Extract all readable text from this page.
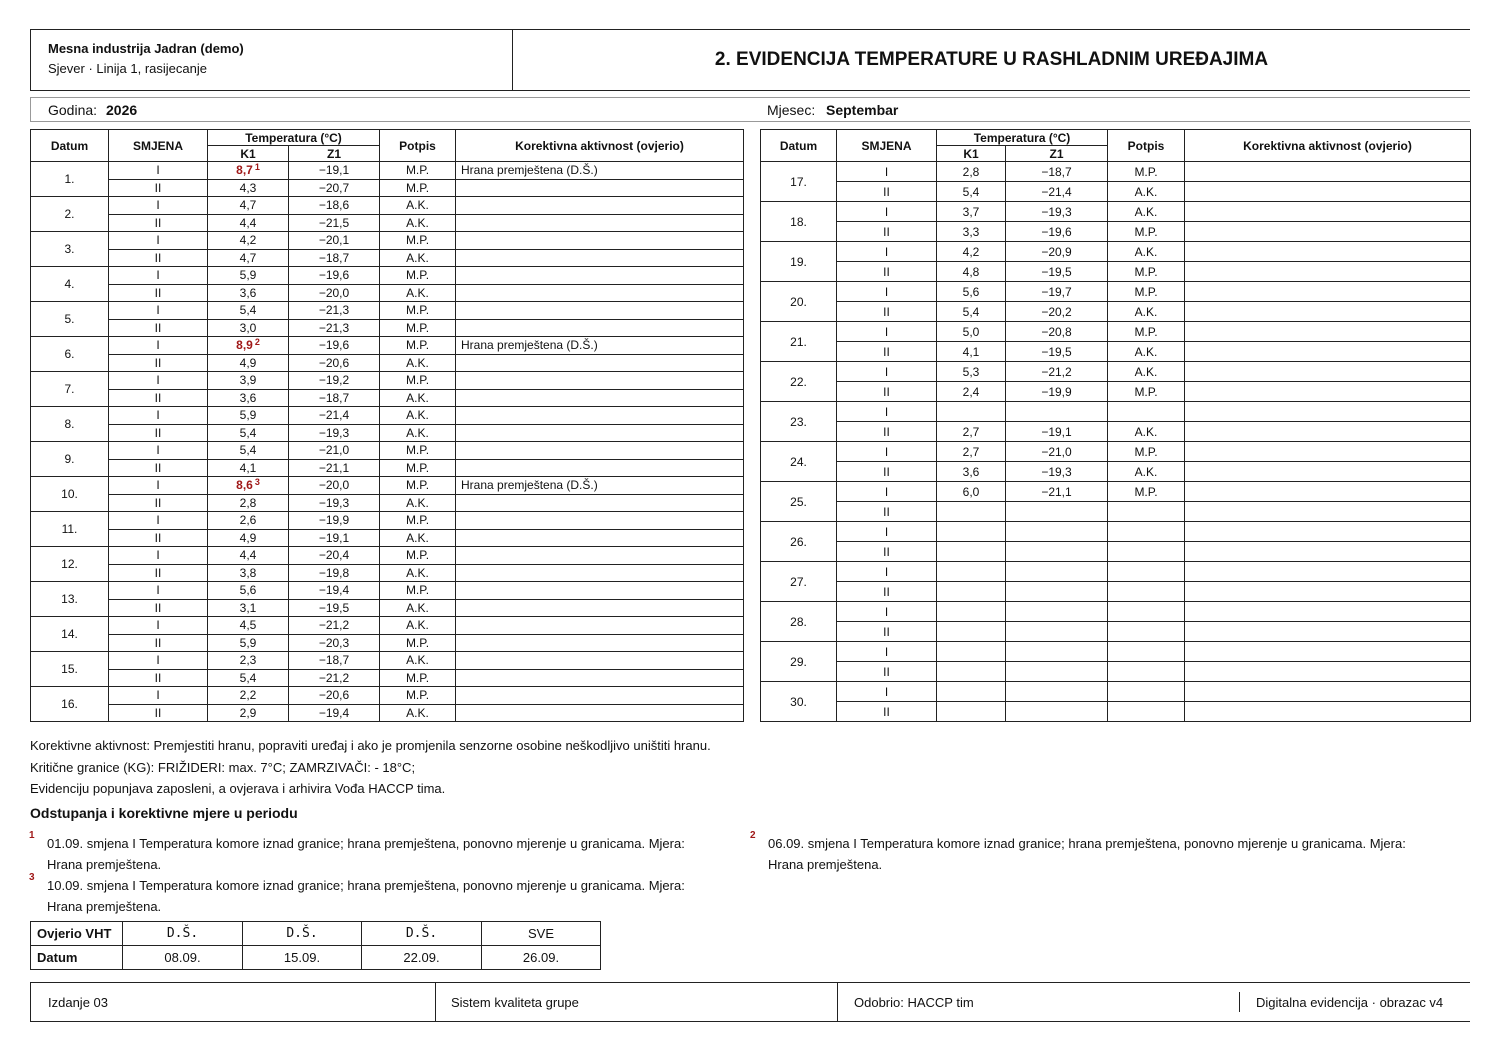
Mesna industrija Jadran (demo)
Sjever · Linija 1, rasijecanje	2. EVIDENCIJA TEMPERATURE U RASHLADNIM UREĐAJIMA
Godina: 2026	Mjesec: Septembar
Datum	SMJENA	Temperatura (°C)		Potpis	Korektivna aktivnost (ovjerio)
		K1	Z1		
1.	I	8,7 $^1$	−19,1	M.P.	Hrana premještena (D.Š.)
	II	4,3	−20,7	M.P.	
2.	I	4,7	−18,6	A.K.	
	II	4,4	−21,5	A.K.	
3.	I	4,2	−20,1	M.P.	
	II	4,7	−18,7	A.K.	
4.	I	5,9	−19,6	M.P.	
	II	3,6	−20,0	A.K.	
5.	I	5,4	−21,3	M.P.	
	II	3,0	−21,3	M.P.	
6.	I	8,9 $^2$	−19,6	M.P.	Hrana premještena (D.Š.)
	II	4,9	−20,6	A.K.	
7.	I	3,9	−19,2	M.P.	
	II	3,6	−18,7	A.K.	
8.	I	5,9	−21,4	A.K.	
	II	5,4	−19,3	A.K.	
9.	I	5,4	−21,0	M.P.	
	II	4,1	−21,1	M.P.	
10.	I	8,6 $^3$	−20,0	M.P.	Hrana premještena (D.Š.)
	II	2,8	−19,3	A.K.	
11.	I	2,6	−19,9	M.P.	
	II	4,9	−19,1	A.K.	
12.	I	4,4	−20,4	M.P.	
	II	3,8	−19,8	A.K.	
13.	I	5,6	−19,4	M.P.	
	II	3,1	−19,5	A.K.	
14.	I	4,5	−21,2	A.K.	
	II	5,9	−20,3	M.P.	
15.	I	2,3	−18,7	A.K.	
	II	5,4	−21,2	M.P.	
16.	I	2,2	−20,6	M.P.	
	II	2,9	−19,4	A.K.	
Datum	SMJENA	Temperatura (°C)		Potpis	Korektivna aktivnost (ovjerio)
		K1	Z1		
17.	I	2,8	−18,7	M.P.	
	II	5,4	−21,4	A.K.	
18.	I	3,7	−19,3	A.K.	
	II	3,3	−19,6	M.P.	
19.	I	4,2	−20,9	A.K.	
	II	4,8	−19,5	M.P.	
20.	I	5,6	−19,7	M.P.	
	II	5,4	−20,2	A.K.	
21.	I	5,0	−20,8	M.P.	
	II	4,1	−19,5	A.K.	
22.	I	5,3	−21,2	A.K.	
	II	2,4	−19,9	M.P.	
23.	I				
	II	2,7	−19,1	A.K.	
24.	I	2,7	−21,0	M.P.	
	II	3,6	−19,3	A.K.	
25.	I	6,0	−21,1	M.P.	
	II				
26.	I				
	II				
27.	I				
	II				
28.	I				
	II				
29.	I				
	II				
30.	I				
	II				
Korektivne aktivnost: Premjestiti hranu, popraviti uređaj i ako je promjenila senzorne osobine neškodljivo uništiti hranu.
Kritične granice (KG): FRIŽIDERI: max. 7°C; ZAMRZIVAČI: - 18°C;
Evidenciju popunjava zaposleni, a ovjerava i arhivira Vođa HACCP tima.
Odstupanja i korektivne mjere u periodu
1
01.09. smjena I Temperatura komore iznad granice; hrana premještena, ponovno mjerenje u granicama. Mjera: Hrana premještena.
2
06.09. smjena I Temperatura komore iznad granice; hrana premještena, ponovno mjerenje u granicama. Mjera: Hrana premještena.
3
10.09. smjena I Temperatura komore iznad granice; hrana premještena, ponovno mjerenje u granicama. Mjera: Hrana premještena.
Ovjerio VHT	D.Š.	D.Š.	D.Š.	SVE
Datum	08.09.	15.09.	22.09.	26.09.
Izdanje 03	Sistem kvaliteta grupe	Odobrio: HACCP tim	Digitalna evidencija · obrazac v4
